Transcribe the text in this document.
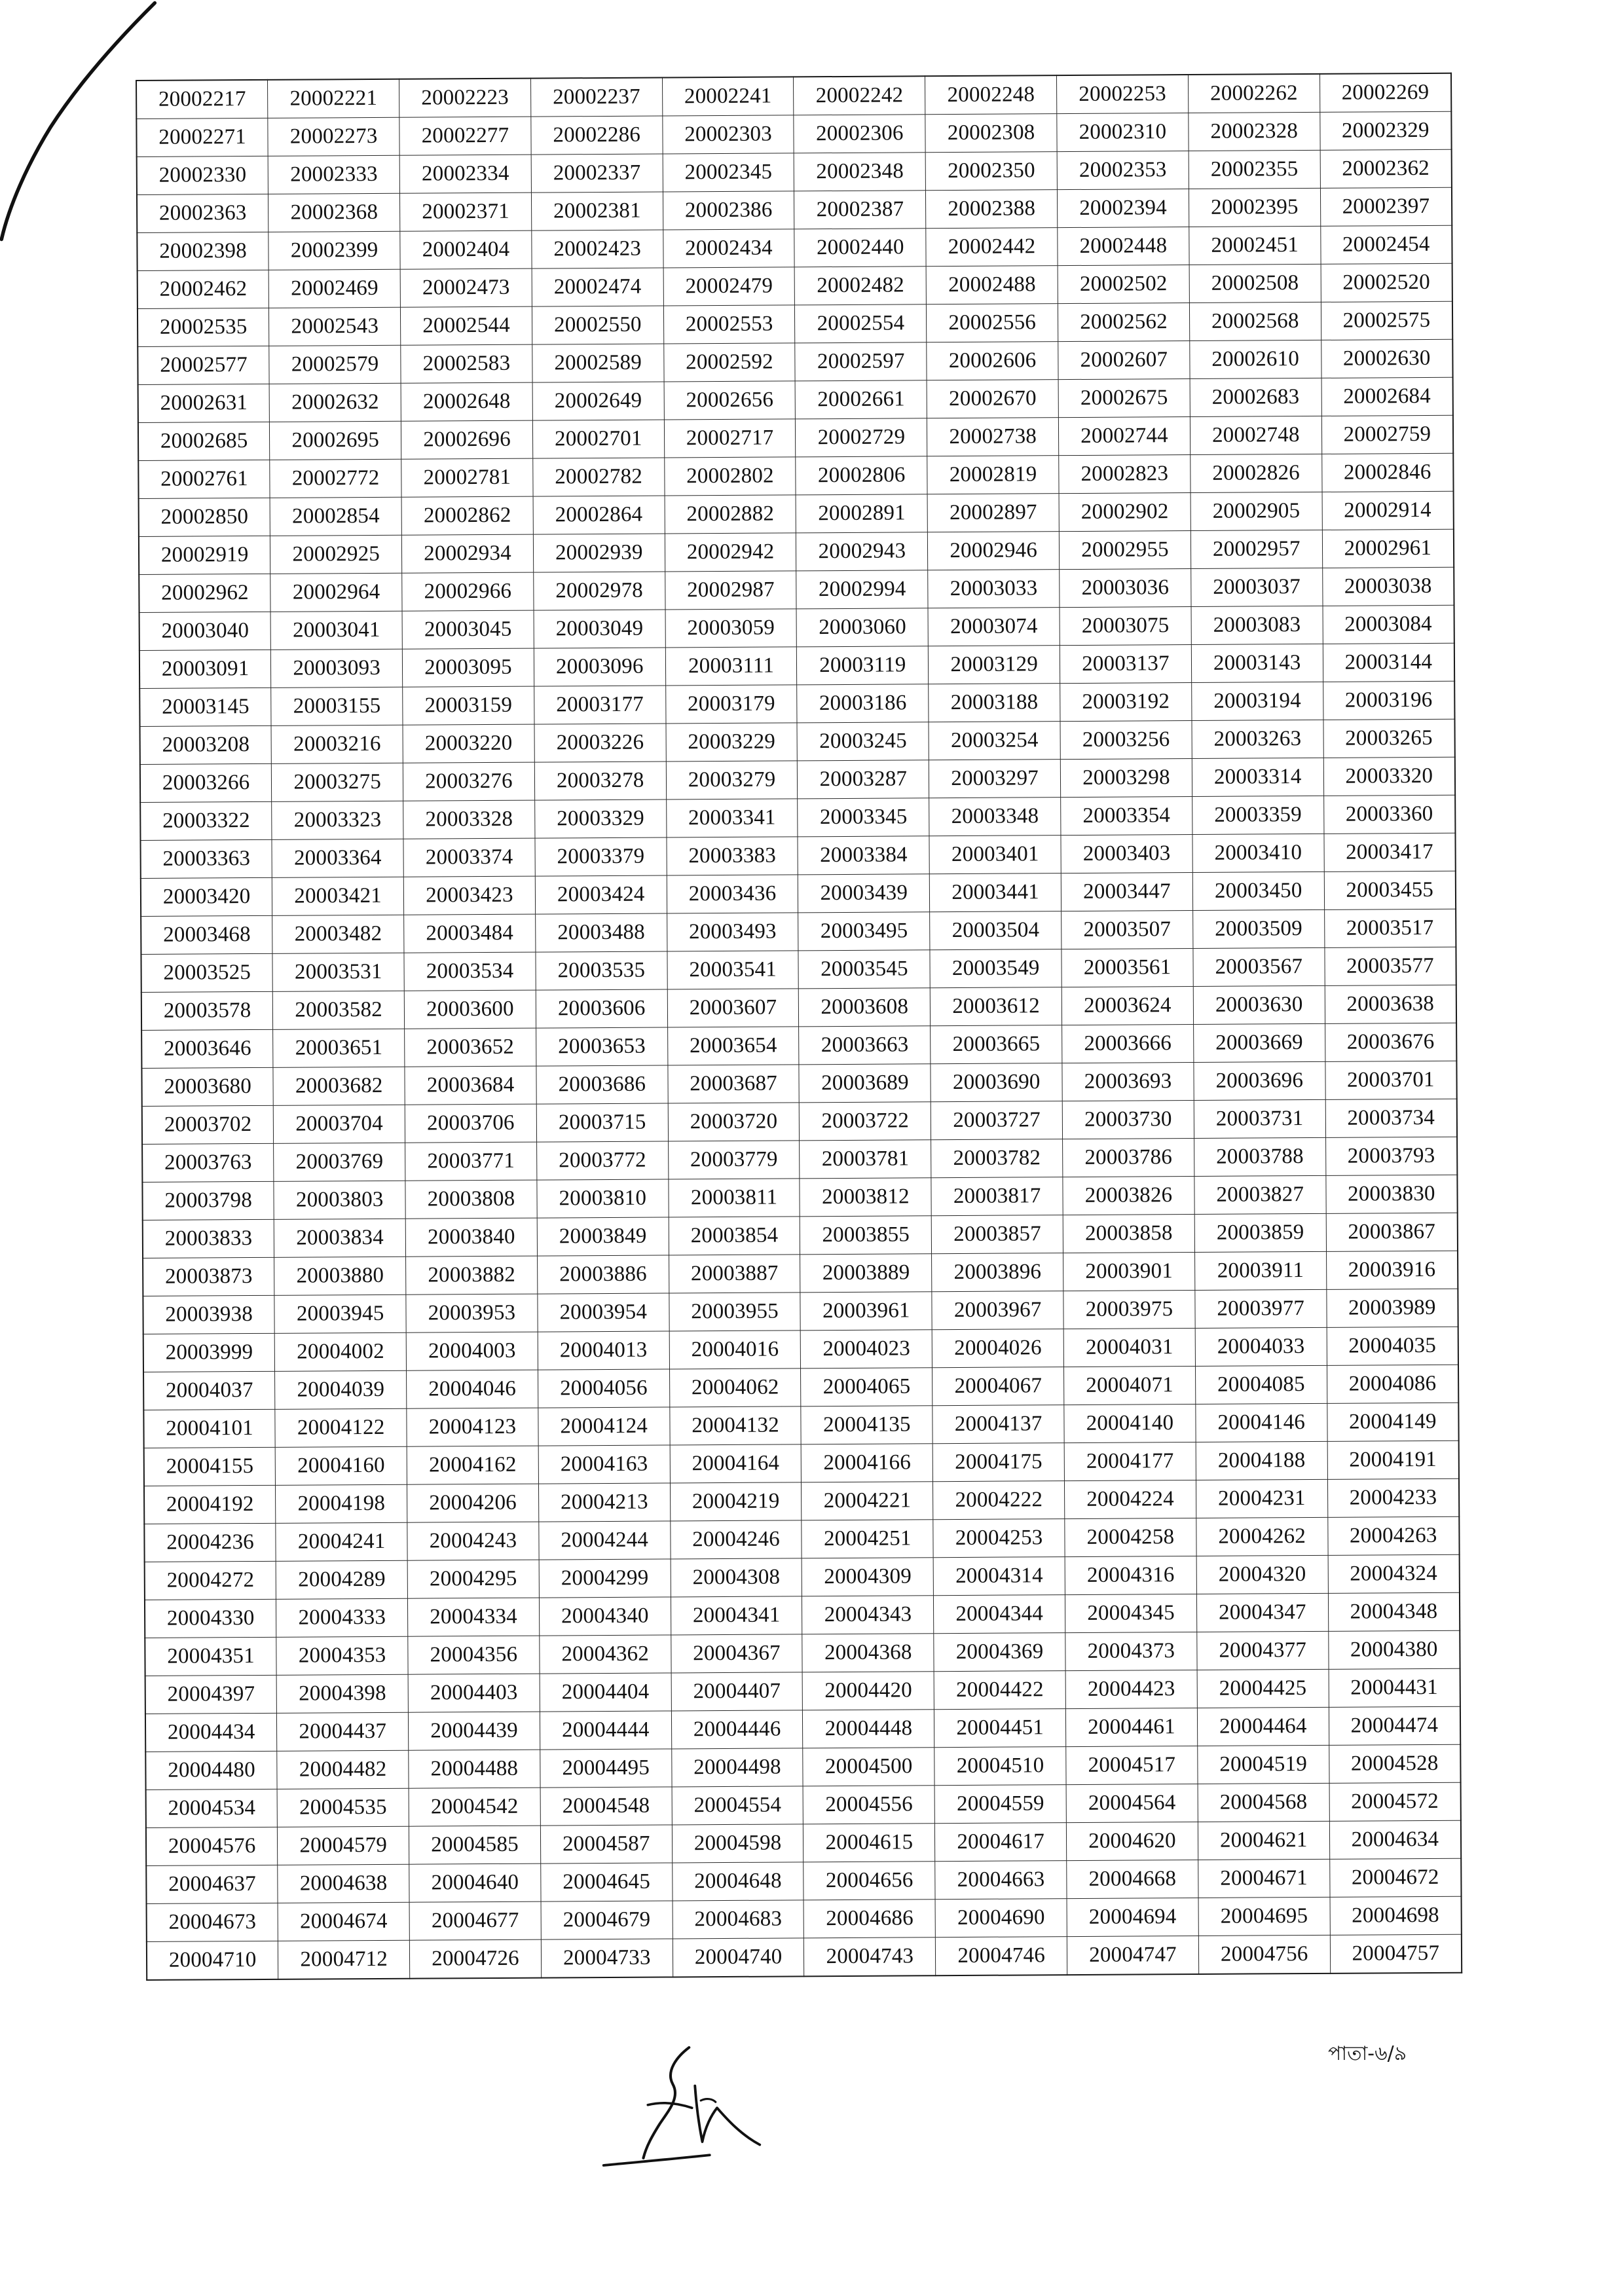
20002217	20002221	20002223	20002237	20002241	20002242	20002248	20002253	20002262	20002269
20002271	20002273	20002277	20002286	20002303	20002306	20002308	20002310	20002328	20002329
20002330	20002333	20002334	20002337	20002345	20002348	20002350	20002353	20002355	20002362
20002363	20002368	20002371	20002381	20002386	20002387	20002388	20002394	20002395	20002397
20002398	20002399	20002404	20002423	20002434	20002440	20002442	20002448	20002451	20002454
20002462	20002469	20002473	20002474	20002479	20002482	20002488	20002502	20002508	20002520
20002535	20002543	20002544	20002550	20002553	20002554	20002556	20002562	20002568	20002575
20002577	20002579	20002583	20002589	20002592	20002597	20002606	20002607	20002610	20002630
20002631	20002632	20002648	20002649	20002656	20002661	20002670	20002675	20002683	20002684
20002685	20002695	20002696	20002701	20002717	20002729	20002738	20002744	20002748	20002759
20002761	20002772	20002781	20002782	20002802	20002806	20002819	20002823	20002826	20002846
20002850	20002854	20002862	20002864	20002882	20002891	20002897	20002902	20002905	20002914
20002919	20002925	20002934	20002939	20002942	20002943	20002946	20002955	20002957	20002961
20002962	20002964	20002966	20002978	20002987	20002994	20003033	20003036	20003037	20003038
20003040	20003041	20003045	20003049	20003059	20003060	20003074	20003075	20003083	20003084
20003091	20003093	20003095	20003096	20003111	20003119	20003129	20003137	20003143	20003144
20003145	20003155	20003159	20003177	20003179	20003186	20003188	20003192	20003194	20003196
20003208	20003216	20003220	20003226	20003229	20003245	20003254	20003256	20003263	20003265
20003266	20003275	20003276	20003278	20003279	20003287	20003297	20003298	20003314	20003320
20003322	20003323	20003328	20003329	20003341	20003345	20003348	20003354	20003359	20003360
20003363	20003364	20003374	20003379	20003383	20003384	20003401	20003403	20003410	20003417
20003420	20003421	20003423	20003424	20003436	20003439	20003441	20003447	20003450	20003455
20003468	20003482	20003484	20003488	20003493	20003495	20003504	20003507	20003509	20003517
20003525	20003531	20003534	20003535	20003541	20003545	20003549	20003561	20003567	20003577
20003578	20003582	20003600	20003606	20003607	20003608	20003612	20003624	20003630	20003638
20003646	20003651	20003652	20003653	20003654	20003663	20003665	20003666	20003669	20003676
20003680	20003682	20003684	20003686	20003687	20003689	20003690	20003693	20003696	20003701
20003702	20003704	20003706	20003715	20003720	20003722	20003727	20003730	20003731	20003734
20003763	20003769	20003771	20003772	20003779	20003781	20003782	20003786	20003788	20003793
20003798	20003803	20003808	20003810	20003811	20003812	20003817	20003826	20003827	20003830
20003833	20003834	20003840	20003849	20003854	20003855	20003857	20003858	20003859	20003867
20003873	20003880	20003882	20003886	20003887	20003889	20003896	20003901	20003911	20003916
20003938	20003945	20003953	20003954	20003955	20003961	20003967	20003975	20003977	20003989
20003999	20004002	20004003	20004013	20004016	20004023	20004026	20004031	20004033	20004035
20004037	20004039	20004046	20004056	20004062	20004065	20004067	20004071	20004085	20004086
20004101	20004122	20004123	20004124	20004132	20004135	20004137	20004140	20004146	20004149
20004155	20004160	20004162	20004163	20004164	20004166	20004175	20004177	20004188	20004191
20004192	20004198	20004206	20004213	20004219	20004221	20004222	20004224	20004231	20004233
20004236	20004241	20004243	20004244	20004246	20004251	20004253	20004258	20004262	20004263
20004272	20004289	20004295	20004299	20004308	20004309	20004314	20004316	20004320	20004324
20004330	20004333	20004334	20004340	20004341	20004343	20004344	20004345	20004347	20004348
20004351	20004353	20004356	20004362	20004367	20004368	20004369	20004373	20004377	20004380
20004397	20004398	20004403	20004404	20004407	20004420	20004422	20004423	20004425	20004431
20004434	20004437	20004439	20004444	20004446	20004448	20004451	20004461	20004464	20004474
20004480	20004482	20004488	20004495	20004498	20004500	20004510	20004517	20004519	20004528
20004534	20004535	20004542	20004548	20004554	20004556	20004559	20004564	20004568	20004572
20004576	20004579	20004585	20004587	20004598	20004615	20004617	20004620	20004621	20004634
20004637	20004638	20004640	20004645	20004648	20004656	20004663	20004668	20004671	20004672
20004673	20004674	20004677	20004679	20004683	20004686	20004690	20004694	20004695	20004698
20004710	20004712	20004726	20004733	20004740	20004743	20004746	20004747	20004756	20004757
পাতা-৬/৯
